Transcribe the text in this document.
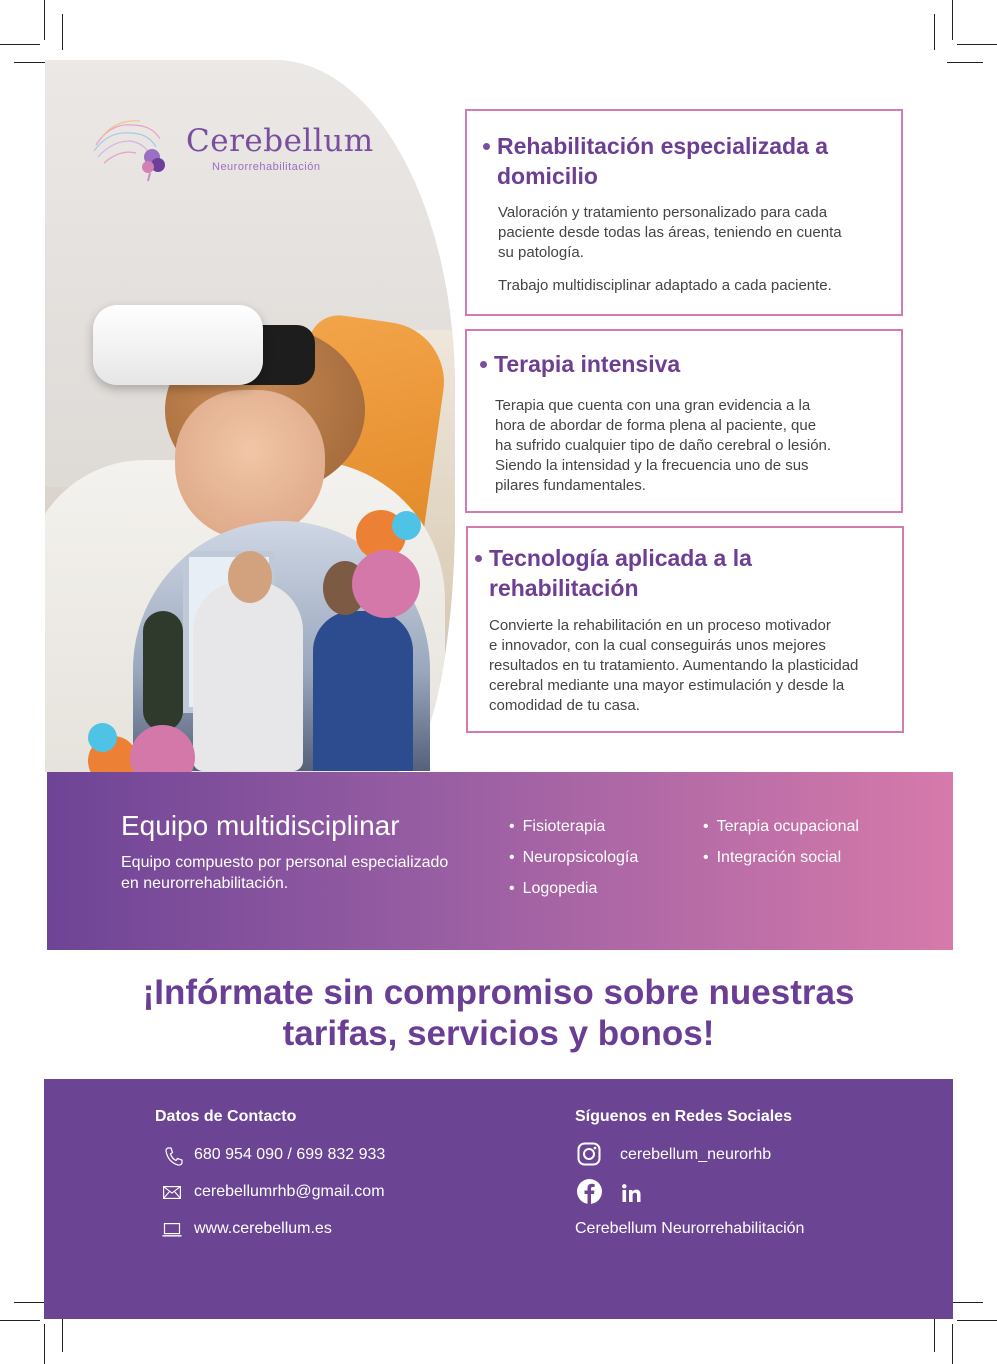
Cerebellum
Neurorrehabilitación
Rehabilitación especializada a
domicilio

Valoración y tratamiento personalizado para cada
paciente desde todas las áreas, teniendo en cuenta
su patología.

Trabajo multidisciplinar adaptado a cada paciente.

Terapia intensiva

Terapia que cuenta con una gran evidencia a la
hora de abordar de forma plena al paciente, que
ha sufrido cualquier tipo de daño cerebral o lesión.
Siendo la intensidad y la frecuencia uno de sus
pilares fundamentales.

Tecnología aplicada a la
rehabilitación

Convierte la rehabilitación en un proceso motivador
e innovador, con la cual conseguirás unos mejores
resultados en tu tratamiento. Aumentando la plasticidad
cerebral mediante una mayor estimulación y desde la
comodidad de tu casa.

Equipo multidisciplinar
Equipo compuesto por personal especializado
en neurorrehabilitación.
• Fisioterapia
• Neuropsicología
• Logopedia
• Terapia ocupacional
• Integración social
¡Infórmate sin compromiso sobre nuestras
tarifas, servicios y bonos!
Datos de Contacto
680 954 090 / 699 832 933
cerebellumrhb@gmail.com
www.cerebellum.es
Síguenos en Redes Sociales
cerebellum_neurorhb
Cerebellum Neurorrehabilitación
